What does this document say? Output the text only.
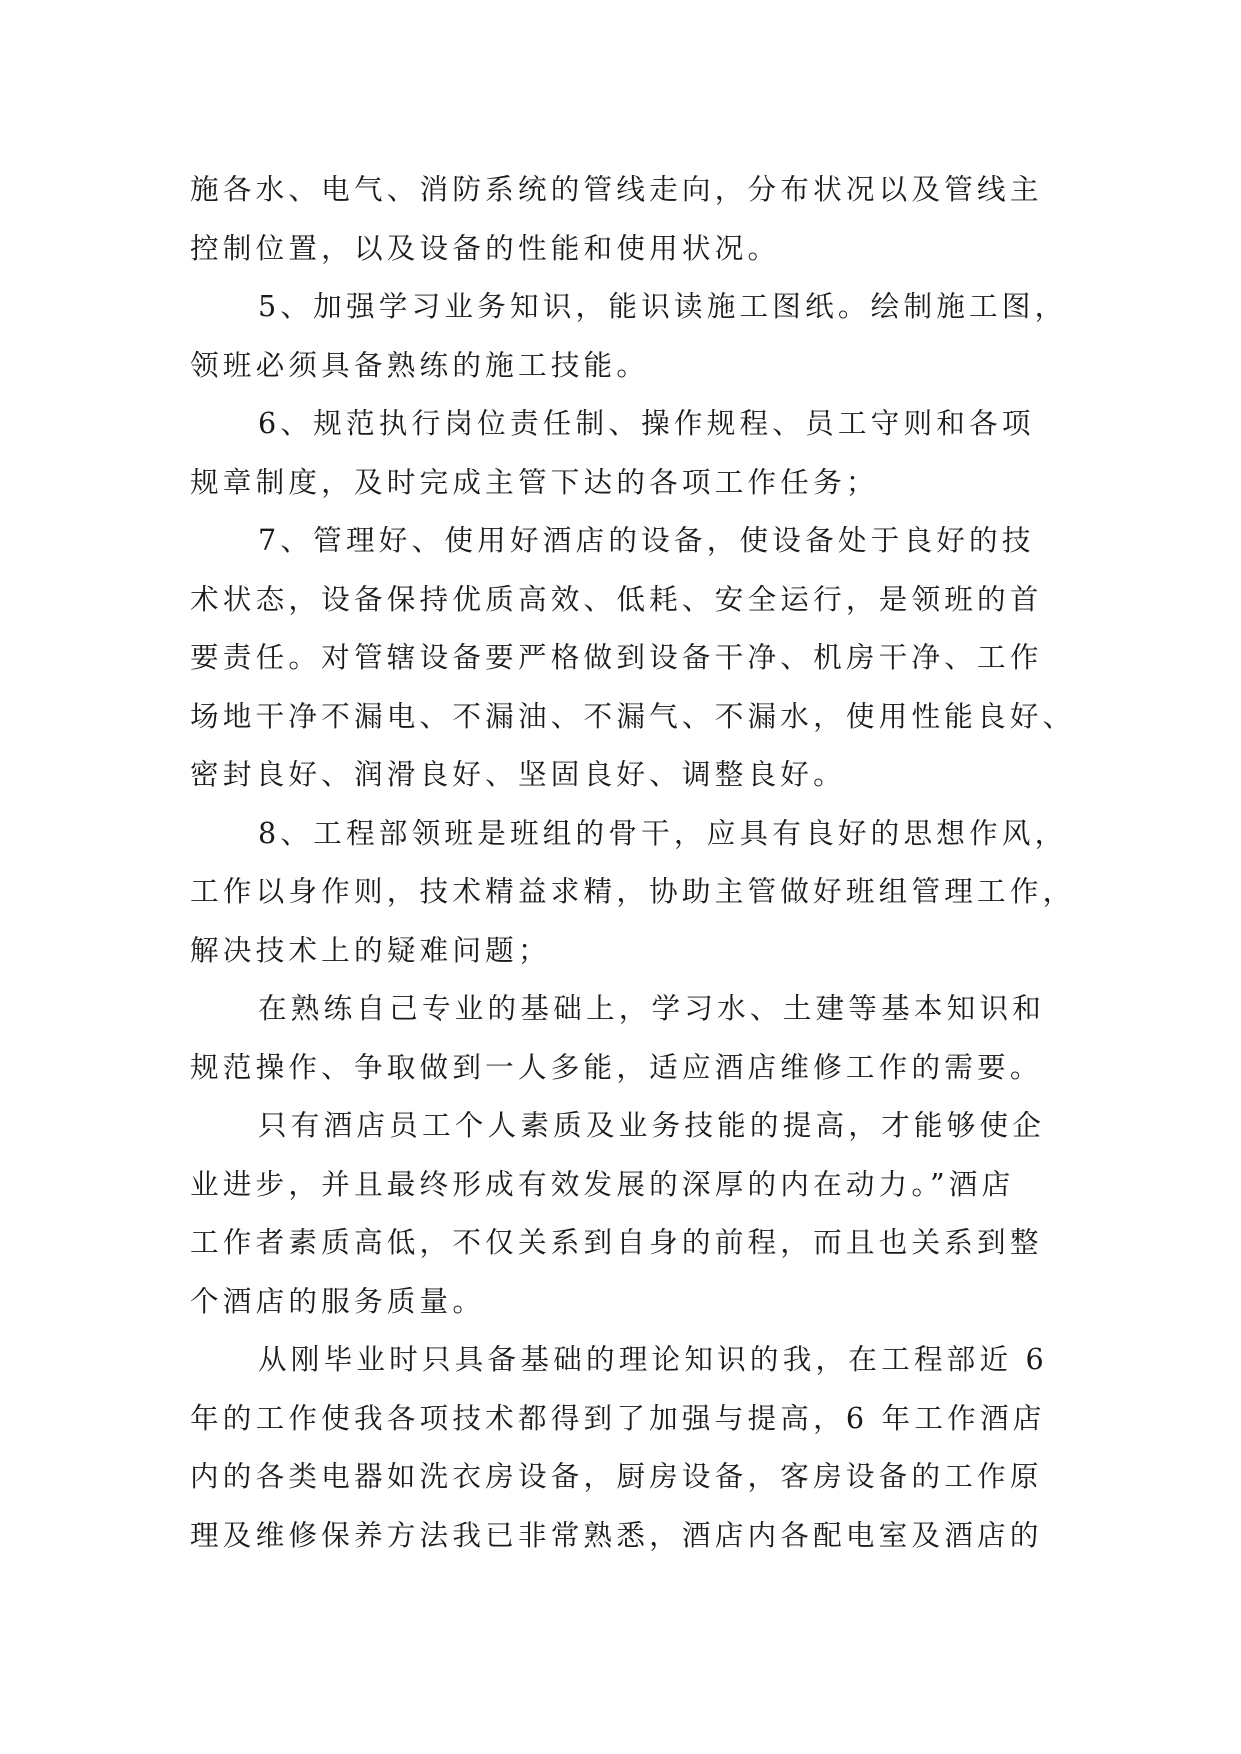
施各水、电气、消防系统的管线走向，分布状况以及管线主
控制位置，以及设备的性能和使用状况。
5、加强学习业务知识，能识读施工图纸。绘制施工图，
领班必须具备熟练的施工技能。
6、规范执行岗位责任制、操作规程、员工守则和各项
规章制度，及时完成主管下达的各项工作任务；
7、管理好、使用好酒店的设备，使设备处于良好的技
术状态，设备保持优质高效、低耗、安全运行，是领班的首
要责任。对管辖设备要严格做到设备干净、机房干净、工作
场地干净不漏电、不漏油、不漏气、不漏水，使用性能良好、
密封良好、润滑良好、坚固良好、调整良好。
8、工程部领班是班组的骨干，应具有良好的思想作风，
工作以身作则，技术精益求精，协助主管做好班组管理工作，
解决技术上的疑难问题；
在熟练自己专业的基础上，学习水、土建等基本知识和
规范操作、争取做到一人多能，适应酒店维修工作的需要。
只有酒店员工个人素质及业务技能的提高，才能够使企
业进步，并且最终形成有效发展的深厚的内在动力。”酒店
工作者素质高低，不仅关系到自身的前程，而且也关系到整
个酒店的服务质量。
从刚毕业时只具备基础的理论知识的我，在工程部近 6
年的工作使我各项技术都得到了加强与提高，6 年工作酒店
内的各类电器如洗衣房设备，厨房设备，客房设备的工作原
理及维修保养方法我已非常熟悉，酒店内各配电室及酒店的
